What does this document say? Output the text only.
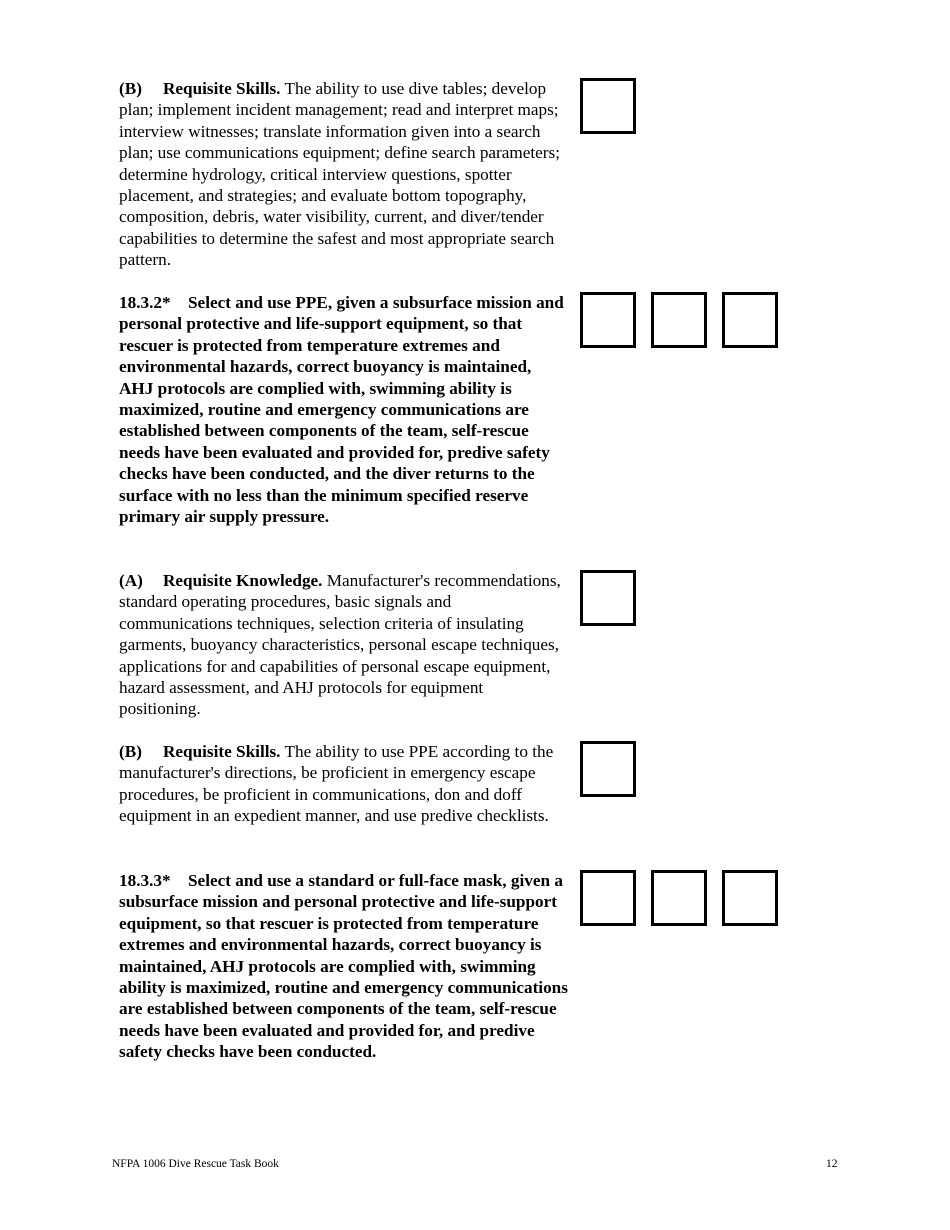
(B) Requisite Skills. The ability to use dive tables; develop plan; implement incident management; read and interpret maps; interview witnesses; translate information given into a search plan; use communications equipment; define search parameters; determine hydrology, critical interview questions, spotter placement, and strategies; and evaluate bottom topography, composition, debris, water visibility, current, and diver/tender capabilities to determine the safest and most appropriate search pattern.
18.3.2* Select and use PPE, given a subsurface mission and personal protective and life-support equipment, so that rescuer is protected from temperature extremes and environmental hazards, correct buoyancy is maintained, AHJ protocols are complied with, swimming ability is maximized, routine and emergency communications are established between components of the team, self-rescue needs have been evaluated and provided for, predive safety checks have been conducted, and the diver returns to the surface with no less than the minimum specified reserve primary air supply pressure.
(A) Requisite Knowledge. Manufacturer's recommendations, standard operating procedures, basic signals and communications techniques, selection criteria of insulating garments, buoyancy characteristics, personal escape techniques, applications for and capabilities of personal escape equipment, hazard assessment, and AHJ protocols for equipment positioning.
(B) Requisite Skills. The ability to use PPE according to the manufacturer's directions, be proficient in emergency escape procedures, be proficient in communications, don and doff equipment in an expedient manner, and use predive checklists.
18.3.3* Select and use a standard or full-face mask, given a subsurface mission and personal protective and life-support equipment, so that rescuer is protected from temperature extremes and environmental hazards, correct buoyancy is maintained, AHJ protocols are complied with, swimming ability is maximized, routine and emergency communications are established between components of the team, self-rescue needs have been evaluated and provided for, and predive safety checks have been conducted.
NFPA 1006 Dive Rescue Task Book	12
